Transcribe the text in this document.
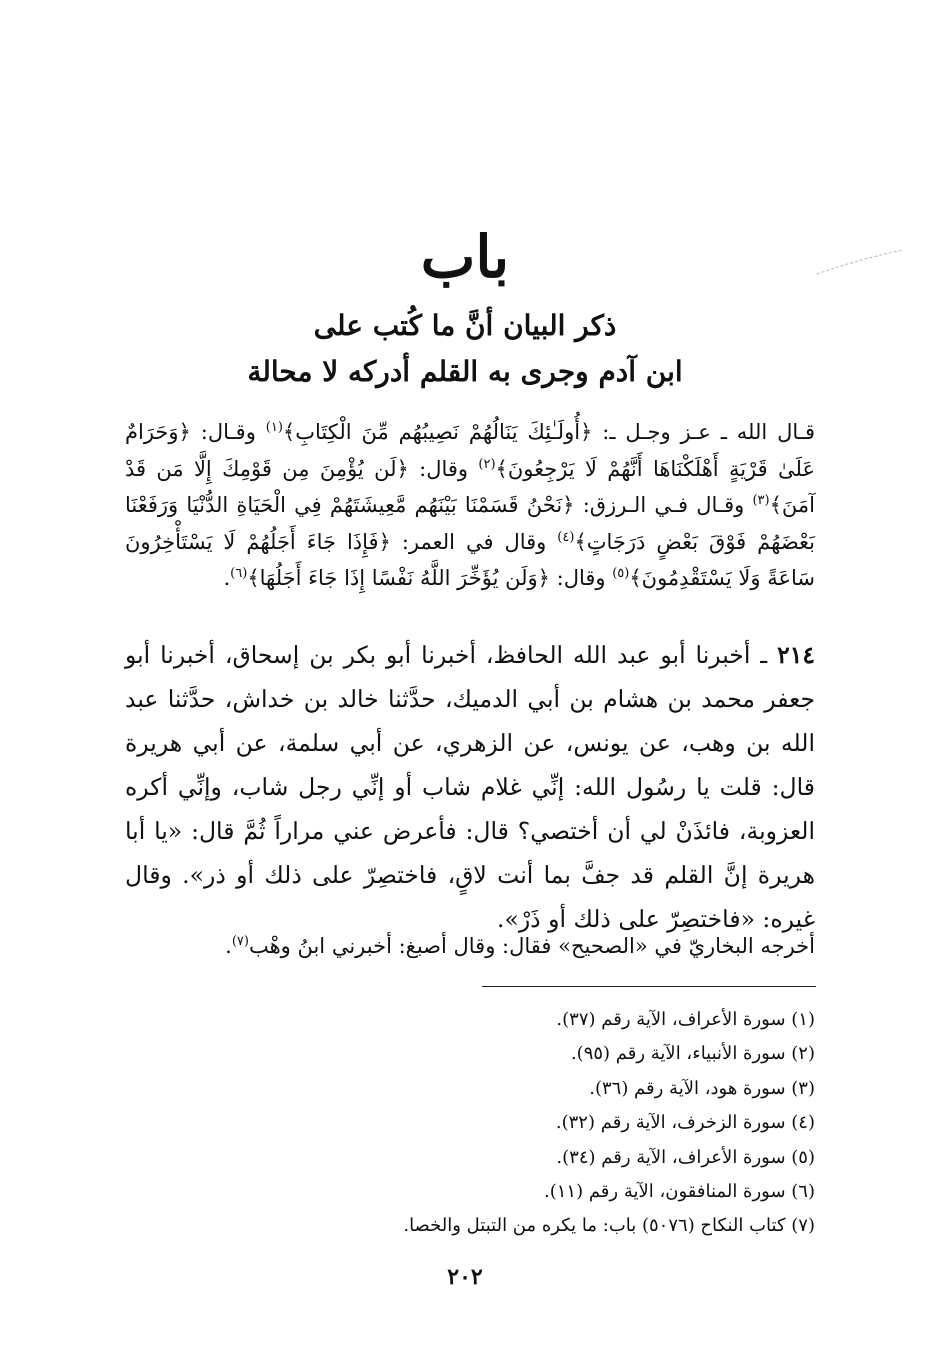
باب
ذكر البيان أنَّ ما كُتب على
ابن آدم وجرى به القلم أدركه لا محالة
قـال الله ـ عـز وجـل ـ: ﴿أُولَـٰئِكَ يَنَالُهُمْ نَصِيبُهُم مِّنَ الْكِتَابِ﴾$^{(١)}$ وقـال: ﴿وَحَرَامٌ عَلَىٰ قَرْيَةٍ أَهْلَكْنَاهَا أَنَّهُمْ لَا يَرْجِعُونَ﴾$^{(٢)}$ وقال: ﴿لَن يُؤْمِنَ مِن قَوْمِكَ إِلَّا مَن قَدْ آمَنَ﴾$^{(٣)}$ وقـال فـي الـرزق: ﴿نَحْنُ قَسَمْنَا بَيْنَهُم مَّعِيشَتَهُمْ فِي الْحَيَاةِ الدُّنْيَا وَرَفَعْنَا بَعْضَهُمْ فَوْقَ بَعْضٍ دَرَجَاتٍ﴾$^{(٤)}$ وقال في العمر: ﴿فَإِذَا جَاءَ أَجَلُهُمْ لَا يَسْتَأْخِرُونَ سَاعَةً وَلَا يَسْتَقْدِمُونَ﴾$^{(٥)}$ وقال: ﴿وَلَن يُؤَخِّرَ اللَّهُ نَفْسًا إِذَا جَاءَ أَجَلُهَا﴾$^{(٦)}$.
٢١٤ ـ أخبرنا أبو عبد الله الحافظ، أخبرنا أبو بكر بن إسحاق، أخبرنا أبو جعفر محمد بن هشام بن أبي الدميك، حدَّثنا خالد بن خداش، حدَّثنا عبد الله بن وهب، عن يونس، عن الزهري، عن أبي سلمة، عن أبي هريرة قال: قلت يا رسُول الله: إنِّي غلام شاب أو إنِّي رجل شاب، وإنِّي أكره العزوبة، فائذَنْ لي أن أختصي؟ قال: فأعرض عني مراراً ثُمَّ قال: «يا أبا هريرة إنَّ القلم قد جفَّ بما أنت لاقٍ، فاختصِرّ على ذلك أو ذر». وقال غيره: «فاختصِرّ على ذلك أو ذَرْ».
أخرجه البخاريّ في «الصحيح» فقال: وقال أصبغ: أخبرني ابنُ وهْب$^{(٧)}$.
(١) سورة الأعراف، الآية رقم (٣٧).
(٢) سورة الأنبياء، الآية رقم (٩٥).
(٣) سورة هود، الآية رقم (٣٦).
(٤) سورة الزخرف، الآية رقم (٣٢).
(٥) سورة الأعراف، الآية رقم (٣٤).
(٦) سورة المنافقون، الآية رقم (١١).
(٧) كتاب النكاح (٥٠٧٦) باب: ما يكره من التبتل والخصا.
٢٠٢
